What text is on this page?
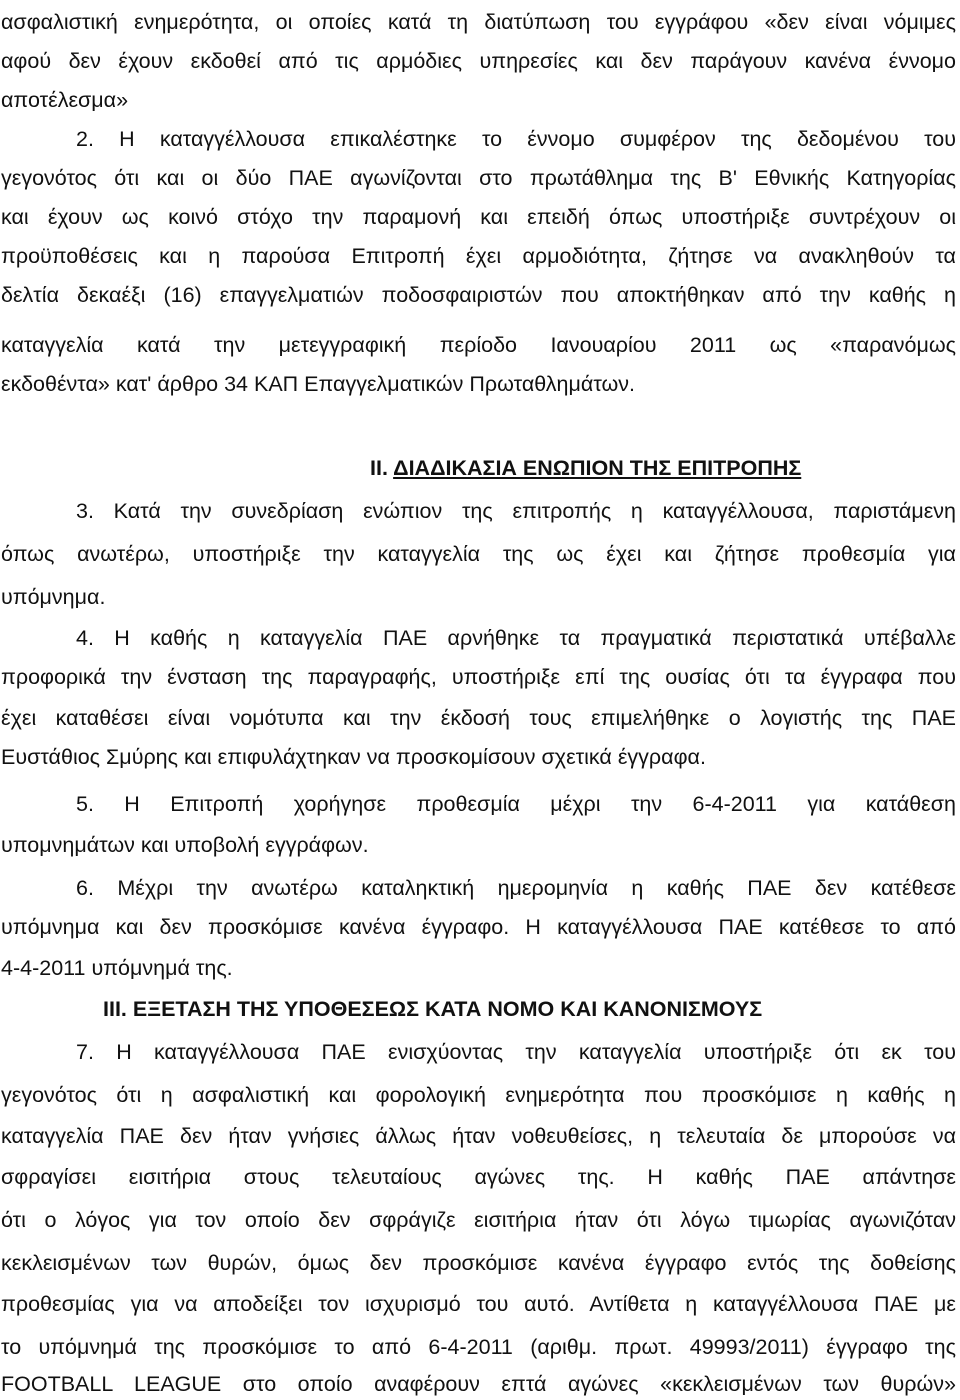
ασφαλιστική ενημερότητα, οι οποίες κατά τη διατύπωση του εγγράφου «δεν είναι νόμιμες
αφού δεν έχουν εκδοθεί από τις αρμόδιες υπηρεσίες και δεν παράγουν κανένα έννομο
αποτέλεσμα»
2. Η καταγγέλλουσα επικαλέστηκε το έννομο συμφέρον της δεδομένου του
γεγονότος ότι και οι δύο ΠΑΕ αγωνίζονται στο πρωτάθλημα της Β' Εθνικής Κατηγορίας
και έχουν ως κοινό στόχο την παραμονή και επειδή όπως υποστήριξε συντρέχουν οι
προϋποθέσεις και η παρούσα Επιτροπή έχει αρμοδιότητα, ζήτησε να ανακληθούν τα
δελτία δεκαέξι (16) επαγγελματιών ποδοσφαιριστών που αποκτήθηκαν από την καθής η
καταγγελία κατά την μετεγγραφική περίοδο Ιανουαρίου 2011 ως «παρανόμως
εκδοθέντα» κατ' άρθρο 34 ΚΑΠ Επαγγελματικών Πρωταθλημάτων.
ΙΙ. ΔΙΑΔΙΚΑΣΙΑ ΕΝΩΠΙΟΝ ΤΗΣ ΕΠΙΤΡΟΠΗΣ
3. Κατά την συνεδρίαση ενώπιον της επιτροπής η καταγγέλλουσα, παριστάμενη
όπως ανωτέρω, υποστήριξε την καταγγελία της ως έχει και ζήτησε προθεσμία για
υπόμνημα.
4. Η καθής η καταγγελία ΠΑΕ αρνήθηκε τα πραγματικά περιστατικά υπέβαλλε
προφορικά την ένσταση της παραγραφής, υποστήριξε επί της ουσίας ότι τα έγγραφα που
έχει καταθέσει είναι νομότυπα και την έκδοσή τους επιμελήθηκε ο λογιστής της ΠΑΕ
Ευστάθιος Σμύρης και επιφυλάχτηκαν να προσκομίσουν σχετικά έγγραφα.
5. Η Επιτροπή χορήγησε προθεσμία μέχρι την 6-4-2011 για κατάθεση
υπομνημάτων και υποβολή εγγράφων.
6. Μέχρι την ανωτέρω καταληκτική ημερομηνία η καθής ΠΑΕ δεν κατέθεσε
υπόμνημα και δεν προσκόμισε κανένα έγγραφο. Η καταγγέλλουσα ΠΑΕ κατέθεσε το από
4-4-2011 υπόμνημά της.
ΙΙΙ. ΕΞΕΤΑΣΗ ΤΗΣ ΥΠΟΘΕΣΕΩΣ ΚΑΤΑ ΝΟΜΟ ΚΑΙ ΚΑΝΟΝΙΣΜΟΥΣ
7. Η καταγγέλλουσα ΠΑΕ ενισχύοντας την καταγγελία υποστήριξε ότι εκ του
γεγονότος ότι η ασφαλιστική και φορολογική ενημερότητα που προσκόμισε η καθής η
καταγγελία ΠΑΕ δεν ήταν γνήσιες άλλως ήταν νοθευθείσες, η τελευταία δε μπορούσε να
σφραγίσει εισιτήρια στους τελευταίους αγώνες της. Η καθής ΠΑΕ απάντησε
ότι ο λόγος για τον οποίο δεν σφράγιζε εισιτήρια ήταν ότι λόγω τιμωρίας αγωνιζόταν
κεκλεισμένων των θυρών, όμως δεν προσκόμισε κανένα έγγραφο εντός της δοθείσης
προθεσμίας για να αποδείξει τον ισχυρισμό του αυτό. Αντίθετα η καταγγέλλουσα ΠΑΕ με
το υπόμνημά της προσκόμισε το από 6-4-2011 (αριθμ. πρωτ. 49993/2011) έγγραφο της
FOOTBALL LEAGUE στο οποίο αναφέρουν επτά αγώνες «κεκλεισμένων των θυρών»
